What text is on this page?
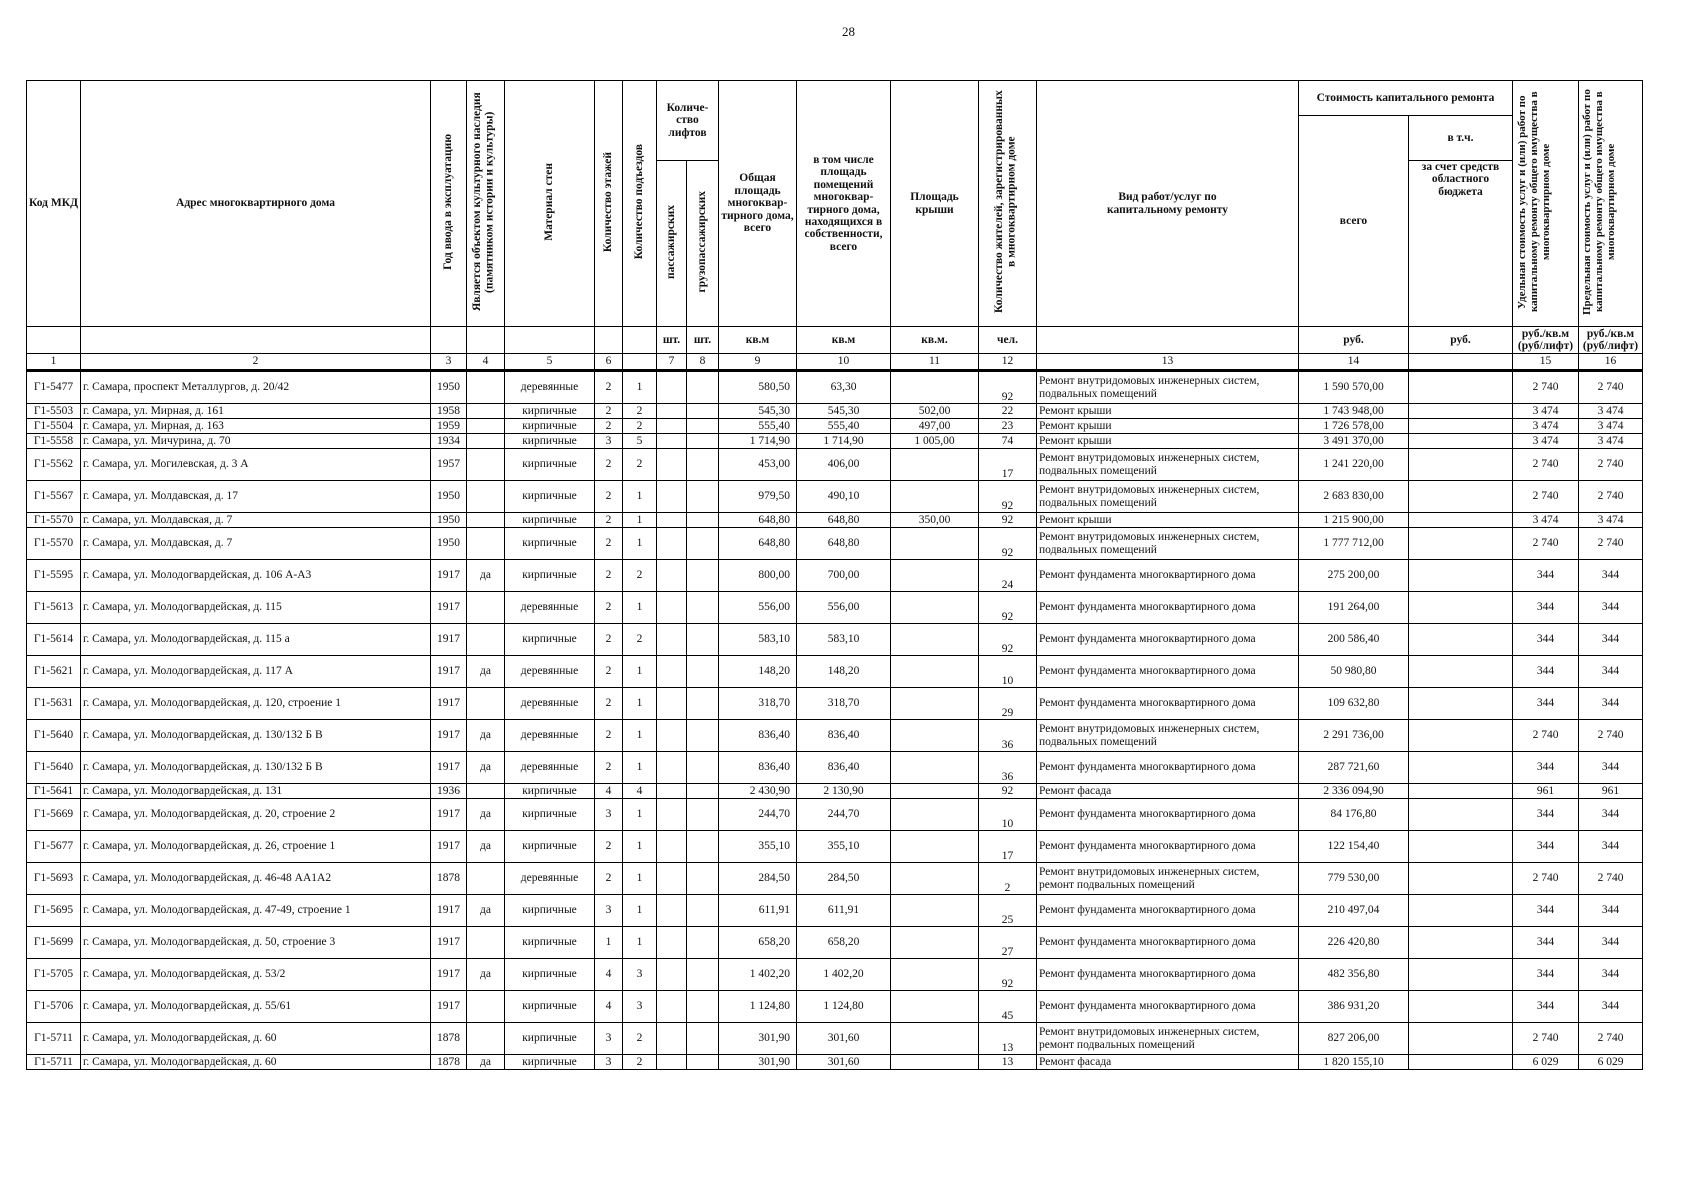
28
Код МКД	Адрес многоквартирного дома	Год ввода в эксплуатацию	Является объектом культурного наследия (памятником истории и культуры)	Материал стен	Количество этажей	Количество подъездов	Количе-ство лифтов		Общая площадь многоквар-тирного дома, всего	в том числе площадь помещений многоквар-тирного дома, находящихся в собственности, всего	Площадь крыши	Количество жителей, зарегистрированных в многоквартирном доме	Вид работ/услуг по капитальному ремонту	Стоимость капитального ремонта		Удельная стоимость услуг и (или) работ по капитальному ремонту общего имущества в многоквартирном доме	Предельная стоимость услуг и (или) работ по капитальному ремонту общего имущества в многоквартирном доме
														всего	в т.ч.		
							пассажирских	грузопассажирских							за счет средств областного бюджета		
							шт.	шт.	кв.м	кв.м	кв.м.	чел.		руб.	руб.	руб./кв.м (руб/лифт)	руб./кв.м (руб/лифт)
1	2	3	4	5	6		7	8	9	10	11	12	13	14		15	16
Г1-5477	г. Самара, проспект Металлургов, д. 20/42	1950		деревянные	2	1			580,50	63,30		92	Ремонт внутридомовых инженерных систем, подвальных помещений	1 590 570,00		2 740	2 740
Г1-5503	г. Самара, ул. Мирная, д. 161	1958		кирпичные	2	2			545,30	545,30	502,00	22	Ремонт крыши	1 743 948,00		3 474	3 474
Г1-5504	г. Самара, ул. Мирная, д. 163	1959		кирпичные	2	2			555,40	555,40	497,00	23	Ремонт крыши	1 726 578,00		3 474	3 474
Г1-5558	г. Самара, ул. Мичурина, д. 70	1934		кирпичные	3	5			1 714,90	1 714,90	1 005,00	74	Ремонт крыши	3 491 370,00		3 474	3 474
Г1-5562	г. Самара, ул. Могилевская, д. 3 А	1957		кирпичные	2	2			453,00	406,00		17	Ремонт внутридомовых инженерных систем, подвальных помещений	1 241 220,00		2 740	2 740
Г1-5567	г. Самара, ул. Молдавская, д. 17	1950		кирпичные	2	1			979,50	490,10		92	Ремонт внутридомовых инженерных систем, подвальных помещений	2 683 830,00		2 740	2 740
Г1-5570	г. Самара, ул. Молдавская, д. 7	1950		кирпичные	2	1			648,80	648,80	350,00	92	Ремонт крыши	1 215 900,00		3 474	3 474
Г1-5570	г. Самара, ул. Молдавская, д. 7	1950		кирпичные	2	1			648,80	648,80		92	Ремонт внутридомовых инженерных систем, подвальных помещений	1 777 712,00		2 740	2 740
Г1-5595	г. Самара, ул. Молодогвардейская, д. 106 А-А3	1917	да	кирпичные	2	2			800,00	700,00		24	Ремонт фундамента многоквартирного дома	275 200,00		344	344
Г1-5613	г. Самара, ул. Молодогвардейская, д. 115	1917		деревянные	2	1			556,00	556,00		92	Ремонт фундамента многоквартирного дома	191 264,00		344	344
Г1-5614	г. Самара, ул. Молодогвардейская, д. 115 а	1917		кирпичные	2	2			583,10	583,10		92	Ремонт фундамента многоквартирного дома	200 586,40		344	344
Г1-5621	г. Самара, ул. Молодогвардейская, д. 117 А	1917	да	деревянные	2	1			148,20	148,20		10	Ремонт фундамента многоквартирного дома	50 980,80		344	344
Г1-5631	г. Самара, ул. Молодогвардейская, д. 120, строение 1	1917		деревянные	2	1			318,70	318,70		29	Ремонт фундамента многоквартирного дома	109 632,80		344	344
Г1-5640	г. Самара, ул. Молодогвардейская, д. 130/132 Б В	1917	да	деревянные	2	1			836,40	836,40		36	Ремонт внутридомовых инженерных систем, подвальных помещений	2 291 736,00		2 740	2 740
Г1-5640	г. Самара, ул. Молодогвардейская, д. 130/132 Б В	1917	да	деревянные	2	1			836,40	836,40		36	Ремонт фундамента многоквартирного дома	287 721,60		344	344
Г1-5641	г. Самара, ул. Молодогвардейская, д. 131	1936		кирпичные	4	4			2 430,90	2 130,90		92	Ремонт фасада	2 336 094,90		961	961
Г1-5669	г. Самара, ул. Молодогвардейская, д. 20, строение 2	1917	да	кирпичные	3	1			244,70	244,70		10	Ремонт фундамента многоквартирного дома	84 176,80		344	344
Г1-5677	г. Самара, ул. Молодогвардейская, д. 26, строение 1	1917	да	кирпичные	2	1			355,10	355,10		17	Ремонт фундамента многоквартирного дома	122 154,40		344	344
Г1-5693	г. Самара, ул. Молодогвардейская, д. 46-48 АА1А2	1878		деревянные	2	1			284,50	284,50		2	Ремонт внутридомовых инженерных систем, ремонт подвальных помещений	779 530,00		2 740	2 740
Г1-5695	г. Самара, ул. Молодогвардейская, д. 47-49, строение 1	1917	да	кирпичные	3	1			611,91	611,91		25	Ремонт фундамента многоквартирного дома	210 497,04		344	344
Г1-5699	г. Самара, ул. Молодогвардейская, д. 50, строение 3	1917		кирпичные	1	1			658,20	658,20		27	Ремонт фундамента многоквартирного дома	226 420,80		344	344
Г1-5705	г. Самара, ул. Молодогвардейская, д. 53/2	1917	да	кирпичные	4	3			1 402,20	1 402,20		92	Ремонт фундамента многоквартирного дома	482 356,80		344	344
Г1-5706	г. Самара, ул. Молодогвардейская, д. 55/61	1917		кирпичные	4	3			1 124,80	1 124,80		45	Ремонт фундамента многоквартирного дома	386 931,20		344	344
Г1-5711	г. Самара, ул. Молодогвардейская, д. 60	1878		кирпичные	3	2			301,90	301,60		13	Ремонт внутридомовых инженерных систем, ремонт подвальных помещений	827 206,00		2 740	2 740
Г1-5711	г. Самара, ул. Молодогвардейская, д. 60	1878	да	кирпичные	3	2			301,90	301,60		13	Ремонт фасада	1 820 155,10		6 029	6 029
